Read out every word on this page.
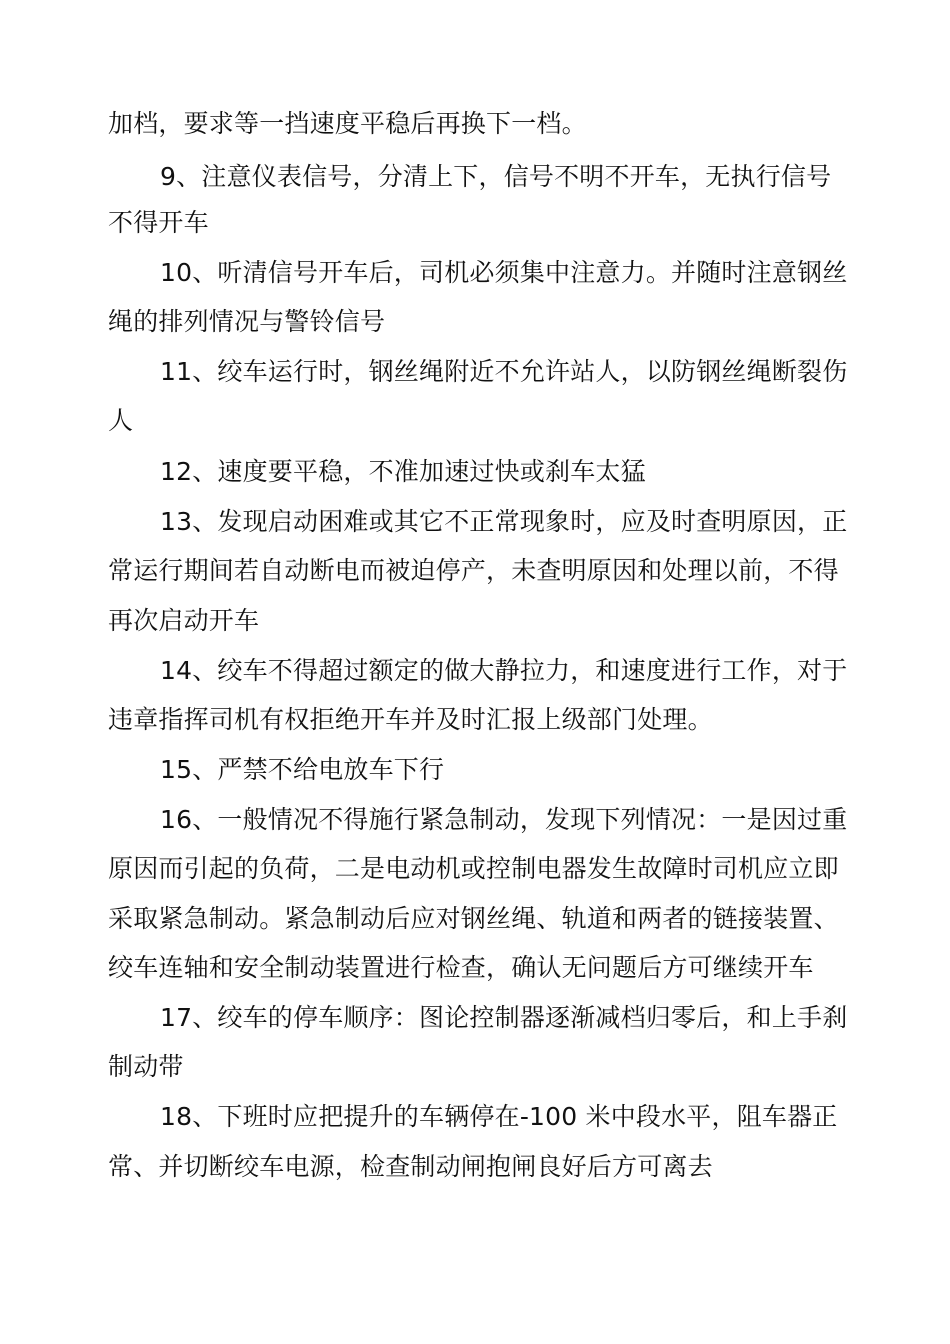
加档，要求等一挡速度平稳后再换下一档。
9、注意仪表信号，分清上下，信号不明不开车，无执行信号
不得开车
10、听清信号开车后，司机必须集中注意力。并随时注意钢丝
绳的排列情况与警铃信号
11、绞车运行时，钢丝绳附近不允许站人，以防钢丝绳断裂伤
人
12、速度要平稳，不准加速过快或刹车太猛
13、发现启动困难或其它不正常现象时，应及时查明原因，正
常运行期间若自动断电而被迫停产，未查明原因和处理以前，不得
再次启动开车
14、绞车不得超过额定的做大静拉力，和速度进行工作，对于
违章指挥司机有权拒绝开车并及时汇报上级部门处理。
15、严禁不给电放车下行
16、一般情况不得施行紧急制动，发现下列情况：一是因过重
原因而引起的负荷，二是电动机或控制电器发生故障时司机应立即
采取紧急制动。紧急制动后应对钢丝绳、轨道和两者的链接装置、
绞车连轴和安全制动装置进行检查，确认无问题后方可继续开车
17、绞车的停车顺序：图论控制器逐渐减档归零后，和上手刹
制动带
18、下班时应把提升的车辆停在-100 米中段水平，阻车器正
常、并切断绞车电源，检查制动闸抱闸良好后方可离去
